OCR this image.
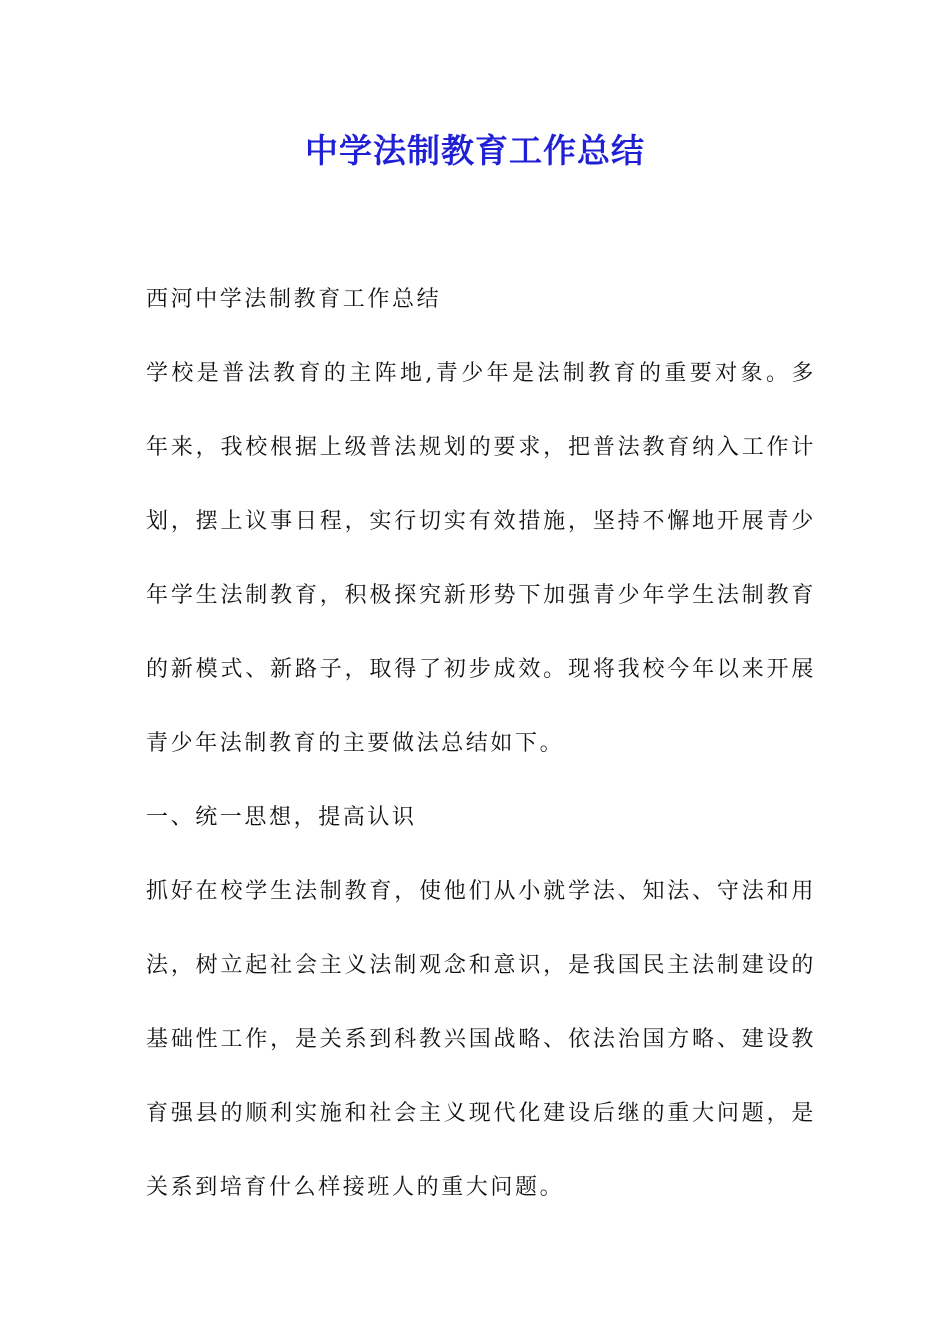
中学法制教育工作总结

西河中学法制教育工作总结

学校是普法教育的主阵地,青少年是法制教育的重要对象。多年来，我校根据上级普法规划的要求，把普法教育纳入工作计划，摆上议事日程，实行切实有效措施，坚持不懈地开展青少年学生法制教育，积极探究新形势下加强青少年学生法制教育的新模式、新路子，取得了初步成效。现将我校今年以来开展青少年法制教育的主要做法总结如下。

一、统一思想，提高认识

抓好在校学生法制教育，使他们从小就学法、知法、守法和用法，树立起社会主义法制观念和意识，是我国民主法制建设的基础性工作，是关系到科教兴国战略、依法治国方略、建设教育强县的顺利实施和社会主义现代化建设后继的重大问题，是关系到培育什么样接班人的重大问题。
